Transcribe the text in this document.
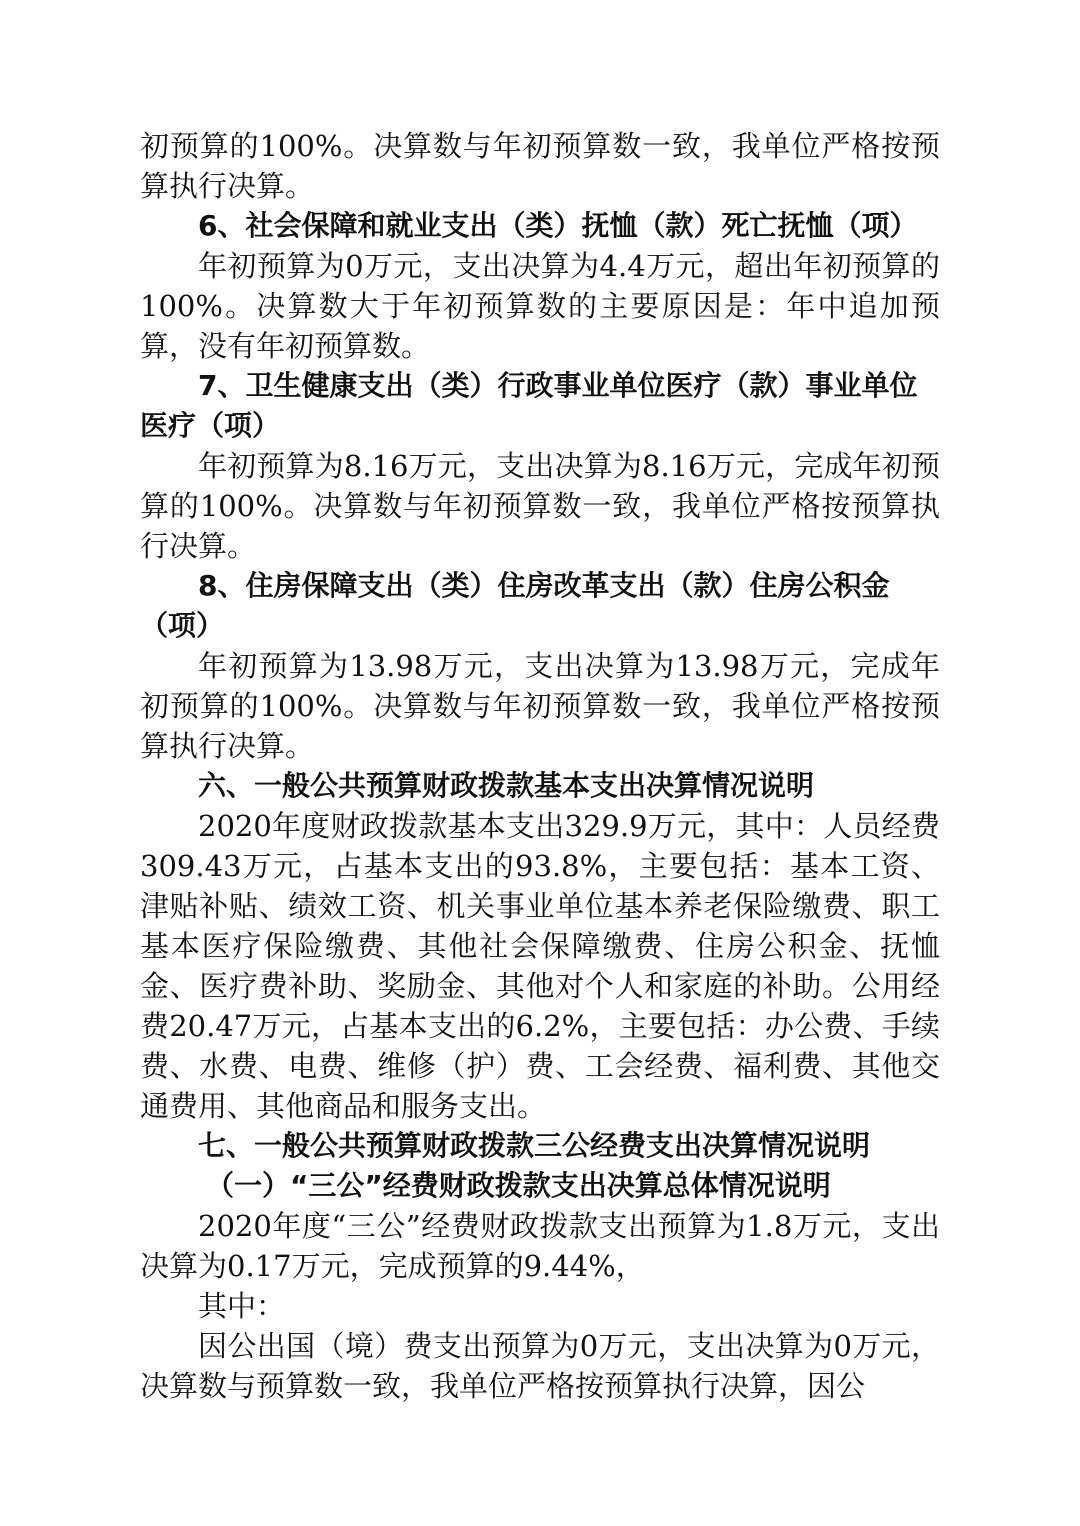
初预算的100%。决算数与年初预算数一致，我单位严格按预算执行决算。

6、社会保障和就业支出（类）抚恤（款）死亡抚恤（项）

年初预算为0万元，支出决算为4.4万元，超出年初预算的100%。决算数大于年初预算数的主要原因是：年中追加预算，没有年初预算数。

7、卫生健康支出（类）行政事业单位医疗（款）事业单位医疗（项）

年初预算为8.16万元，支出决算为8.16万元，完成年初预算的100%。决算数与年初预算数一致，我单位严格按预算执行决算。

8、住房保障支出（类）住房改革支出（款）住房公积金（项）

年初预算为13.98万元，支出决算为13.98万元，完成年初预算的100%。决算数与年初预算数一致，我单位严格按预算执行决算。

六、一般公共预算财政拨款基本支出决算情况说明

2020年度财政拨款基本支出329.9万元，其中：人员经费309.43万元，占基本支出的93.8%，主要包括：基本工资、津贴补贴、绩效工资、机关事业单位基本养老保险缴费、职工基本医疗保险缴费、其他社会保障缴费、住房公积金、抚恤金、医疗费补助、奖励金、其他对个人和家庭的补助。公用经费20.47万元，占基本支出的6.2%，主要包括：办公费、手续费、水费、电费、维修（护）费、工会经费、福利费、其他交通费用、其他商品和服务支出。

七、一般公共预算财政拨款三公经费支出决算情况说明

（一）“三公”经费财政拨款支出决算总体情况说明

2020年度“三公”经费财政拨款支出预算为1.8万元，支出决算为0.17万元，完成预算的9.44%，

其中：

因公出国（境）费支出预算为0万元，支出决算为0万元，决算数与预算数一致，我单位严格按预算执行决算，因公
